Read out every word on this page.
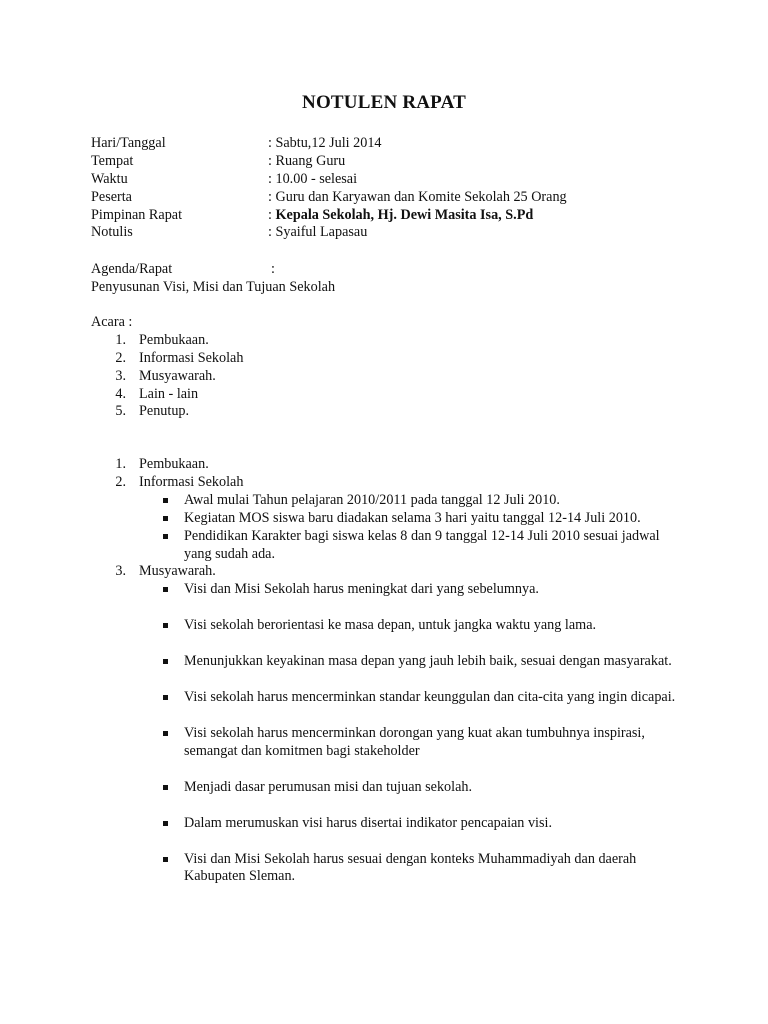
NOTULEN RAPAT
Hari/Tanggal	: Sabtu,12 Juli 2014
Tempat	: Ruang Guru
Waktu	: 10.00 - selesai
Peserta	: Guru dan Karyawan dan Komite Sekolah 25 Orang
Pimpinan Rapat	: Kepala Sekolah, Hj. Dewi Masita Isa, S.Pd
Notulis	: Syaiful Lapasau
Agenda/Rapat	:
Penyusunan Visi, Misi dan Tujuan Sekolah
Acara :
1. Pembukaan.
2. Informasi Sekolah
3. Musyawarah.
4. Lain - lain
5. Penutup.
1. Pembukaan.
2. Informasi Sekolah
Awal mulai Tahun pelajaran 2010/2011 pada tanggal 12 Juli 2010.
Kegiatan MOS siswa baru diadakan selama 3 hari yaitu tanggal 12-14 Juli 2010.
Pendidikan Karakter bagi siswa kelas 8 dan 9 tanggal 12-14 Juli 2010 sesuai jadwal yang sudah ada.
3. Musyawarah.
Visi dan Misi Sekolah harus meningkat dari yang sebelumnya.
Visi sekolah berorientasi ke masa depan, untuk jangka waktu yang lama.
Menunjukkan keyakinan masa depan yang jauh lebih baik, sesuai dengan masyarakat.
Visi sekolah harus mencerminkan standar keunggulan dan cita-cita yang ingin dicapai.
Visi sekolah harus mencerminkan dorongan yang kuat akan tumbuhnya inspirasi, semangat dan komitmen bagi stakeholder
Menjadi dasar perumusan misi dan tujuan sekolah.
Dalam merumuskan visi harus disertai indikator pencapaian visi.
Visi dan Misi Sekolah harus sesuai dengan konteks Muhammadiyah dan daerah Kabupaten Sleman.
